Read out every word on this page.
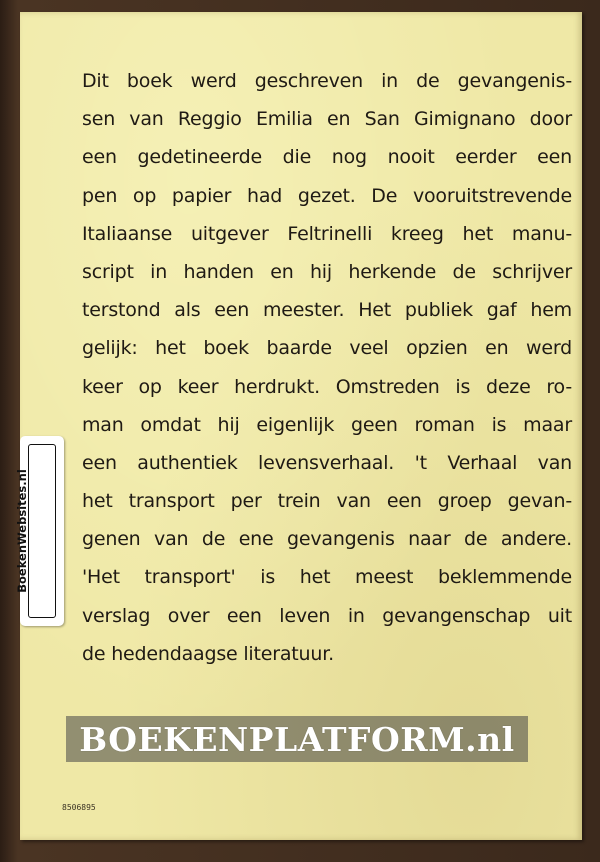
Dit boek werd geschreven in de gevangenis-
sen van Reggio Emilia en San Gimignano door
een gedetineerde die nog nooit eerder een
pen op papier had gezet. De vooruitstrevende
Italiaanse uitgever Feltrinelli kreeg het manu-
script in handen en hij herkende de schrijver
terstond als een meester. Het publiek gaf hem
gelijk: het boek baarde veel opzien en werd
keer op keer herdrukt. Omstreden is deze ro-
man omdat hij eigenlijk geen roman is maar
een authentiek levensverhaal. 't Verhaal van
het transport per trein van een groep gevan-
genen van de ene gevangenis naar de andere.
'Het transport' is het meest beklemmende
verslag over een leven in gevangenschap uit
de hedendaagse literatuur.
8506895
BoekenWebsites.nl
BOEKENPLATFORM.nl
